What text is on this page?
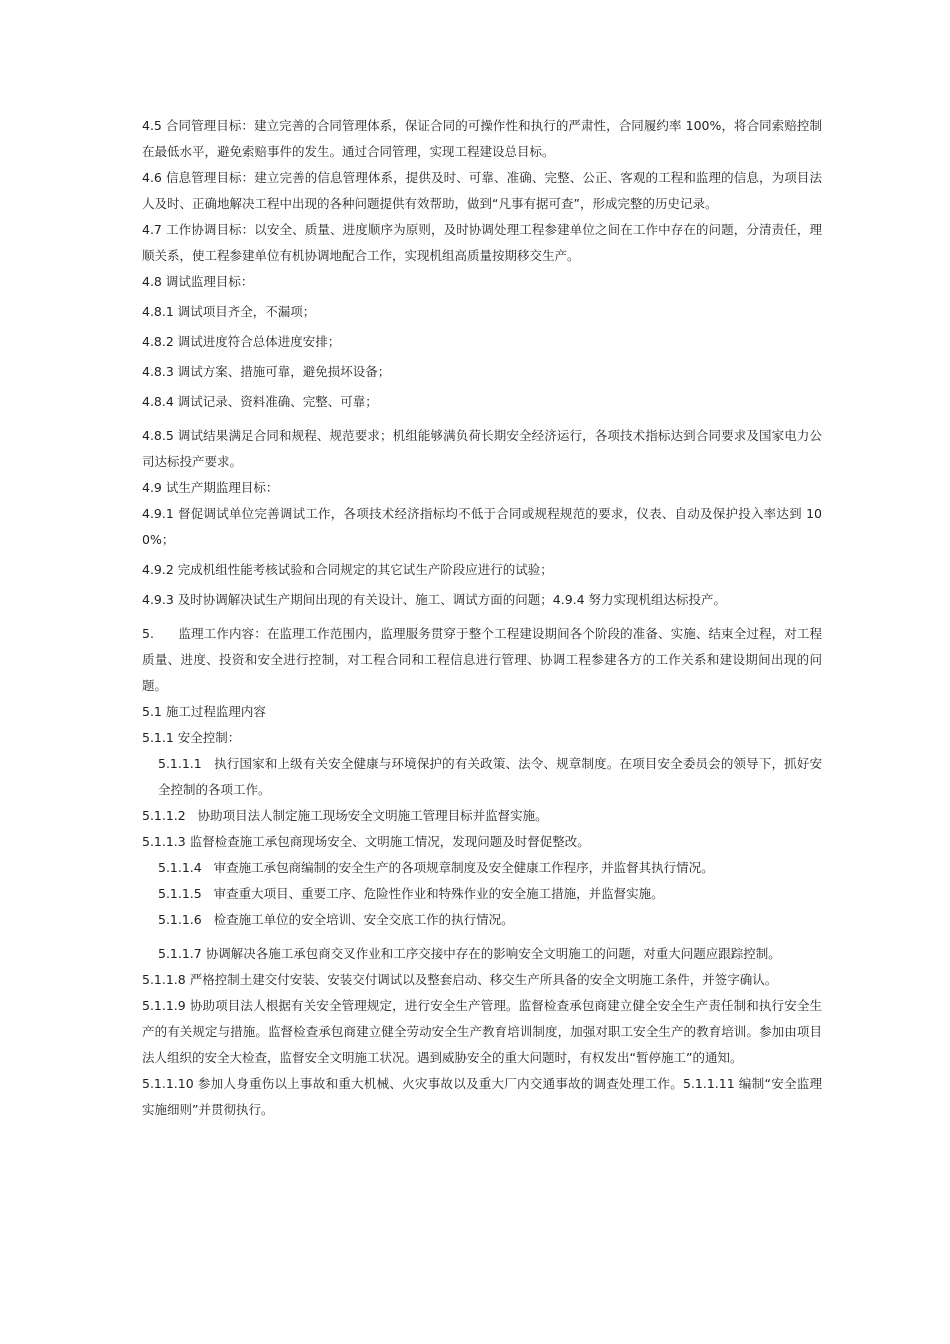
4.5 合同管理目标：建立完善的合同管理体系，保证合同的可操作性和执行的严肃性，合同履约率 100%，将合同索赔控制在最低水平，避免索赔事件的发生。通过合同管理，实现工程建设总目标。

4.6 信息管理目标：建立完善的信息管理体系，提供及时、可靠、准确、完整、公正、客观的工程和监理的信息，为项目法人及时、正确地解决工程中出现的各种问题提供有效帮助，做到“凡事有据可查”，形成完整的历史记录。

4.7 工作协调目标：以安全、质量、进度顺序为原则，及时协调处理工程参建单位之间在工作中存在的问题，分清责任，理顺关系，使工程参建单位有机协调地配合工作，实现机组高质量按期移交生产。

4.8 调试监理目标：

4.8.1 调试项目齐全，不漏项；

4.8.2 调试进度符合总体进度安排；

4.8.3 调试方案、措施可靠，避免损坏设备；

4.8.4 调试记录、资料准确、完整、可靠；

4.8.5 调试结果满足合同和规程、规范要求；机组能够满负荷长期安全经济运行，各项技术指标达到合同要求及国家电力公司达标投产要求。

4.9 试生产期监理目标：

4.9.1 督促调试单位完善调试工作，各项技术经济指标均不低于合同或规程规范的要求，仪表、自动及保护投入率达到 100%；

4.9.2 完成机组性能考核试验和合同规定的其它试生产阶段应进行的试验；

4.9.3 及时协调解决试生产期间出现的有关设计、施工、调试方面的问题；4.9.4 努力实现机组达标投产。

5.      监理工作内容：在监理工作范围内，监理服务贯穿于整个工程建设期间各个阶段的准备、实施、结束全过程，对工程质量、进度、投资和安全进行控制，对工程合同和工程信息进行管理、协调工程参建各方的工作关系和建设期间出现的问题。

5.1 施工过程监理内容

5.1.1 安全控制：

5.1.1.1   执行国家和上级有关安全健康与环境保护的有关政策、法令、规章制度。在项目安全委员会的领导下，抓好安全控制的各项工作。

5.1.1.2   协助项目法人制定施工现场安全文明施工管理目标并监督实施。

5.1.1.3 监督检查施工承包商现场安全、文明施工情况，发现问题及时督促整改。

5.1.1.4   审查施工承包商编制的安全生产的各项规章制度及安全健康工作程序，并监督其执行情况。

5.1.1.5   审查重大项目、重要工序、危险性作业和特殊作业的安全施工措施，并监督实施。

5.1.1.6   检查施工单位的安全培训、安全交底工作的执行情况。

5.1.1.7 协调解决各施工承包商交叉作业和工序交接中存在的影响安全文明施工的问题，对重大问题应跟踪控制。

5.1.1.8 严格控制土建交付安装、安装交付调试以及整套启动、移交生产所具备的安全文明施工条件，并签字确认。

5.1.1.9 协助项目法人根据有关安全管理规定，进行安全生产管理。监督检查承包商建立健全安全生产责任制和执行安全生产的有关规定与措施。监督检查承包商建立健全劳动安全生产教育培训制度，加强对职工安全生产的教育培训。参加由项目法人组织的安全大检查，监督安全文明施工状况。遇到威胁安全的重大问题时，有权发出“暂停施工”的通知。

5.1.1.10 参加人身重伤以上事故和重大机械、火灾事故以及重大厂内交通事故的调查处理工作。5.1.1.11 编制“安全监理实施细则”并贯彻执行。
